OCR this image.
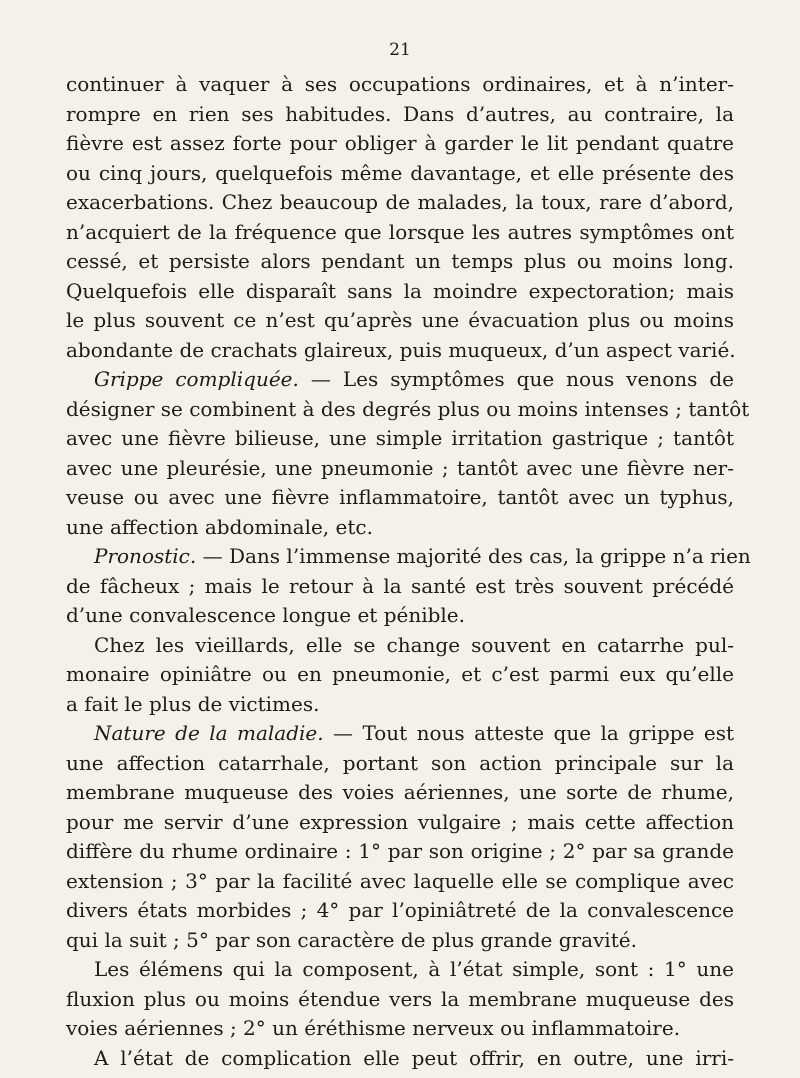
21
continuer à vaquer à ses occupations ordinaires, et à n’inter-
rompre en rien ses habitudes. Dans d’autres, au contraire, la
fièvre est assez forte pour obliger à garder le lit pendant quatre
ou cinq jours, quelquefois même davantage, et elle présente des
exacerbations. Chez beaucoup de malades, la toux, rare d’abord,
n’acquiert de la fréquence que lorsque les autres symptômes ont
cessé, et persiste alors pendant un temps plus ou moins long.
Quelquefois elle disparaît sans la moindre expectoration; mais
le plus souvent ce n’est qu’après une évacuation plus ou moins
abondante de crachats glaireux, puis muqueux, d’un aspect varié.
Grippe compliquée. — Les symptômes que nous venons de
désigner se combinent à des degrés plus ou moins intenses ; tantôt
avec une fièvre bilieuse, une simple irritation gastrique ; tantôt
avec une pleurésie, une pneumonie ; tantôt avec une fièvre ner-
veuse ou avec une fièvre inflammatoire, tantôt avec un typhus,
une affection abdominale, etc.
Pronostic. — Dans l’immense majorité des cas, la grippe n’a rien
de fâcheux ; mais le retour à la santé est très souvent précédé
d’une convalescence longue et pénible.
Chez les vieillards, elle se change souvent en catarrhe pul-
monaire opiniâtre ou en pneumonie, et c’est parmi eux qu’elle
a fait le plus de victimes.
Nature de la maladie. — Tout nous atteste que la grippe est
une affection catarrhale, portant son action principale sur la
membrane muqueuse des voies aériennes, une sorte de rhume,
pour me servir d’une expression vulgaire ; mais cette affection
diffère du rhume ordinaire : 1° par son origine ; 2° par sa grande
extension ; 3° par la facilité avec laquelle elle se complique avec
divers états morbides ; 4° par l’opiniâtreté de la convalescence
qui la suit ; 5° par son caractère de plus grande gravité.
Les élémens qui la composent, à l’état simple, sont : 1° une
fluxion plus ou moins étendue vers la membrane muqueuse des
voies aériennes ; 2° un éréthisme nerveux ou inflammatoire.
A l’état de complication elle peut offrir, en outre, une irri-
